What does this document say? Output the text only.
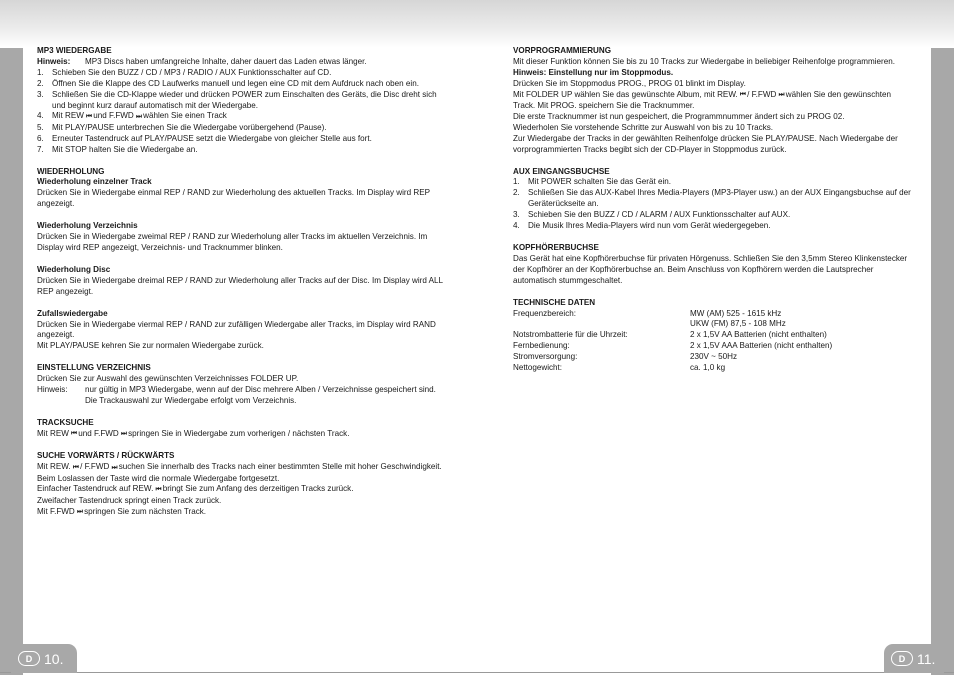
MP3 WIEDERGABE
Hinweis:	MP3 Discs haben umfangreiche Inhalte, daher dauert das Laden etwas länger.
1. Schieben Sie den BUZZ / CD / MP3 / RADIO / AUX Funktionsschalter auf CD.
2. Öffnen Sie die Klappe des CD Laufwerks manuell und legen eine CD mit dem Aufdruck nach oben ein.
3. Schließen Sie die CD-Klappe wieder und drücken POWER zum Einschalten des Geräts, die Disc dreht sich und beginnt kurz darauf automatisch mit der Wiedergabe.
4. Mit REW ⏮ und F.FWD ⏭ wählen Sie einen Track
5. Mit PLAY/PAUSE unterbrechen Sie die Wiedergabe vorübergehend (Pause).
6. Erneuter Tastendruck auf PLAY/PAUSE setzt die Wiedergabe von gleicher Stelle aus fort.
7. Mit STOP halten Sie die Wiedergabe an.
WIEDERHOLUNG
Wiederholung einzelner Track
Drücken Sie in Wiedergabe einmal REP / RAND zur Wiederholung des aktuellen Tracks. Im Display wird REP angezeigt.
Wiederholung Verzeichnis
Drücken Sie in Wiedergabe zweimal REP / RAND zur Wiederholung aller Tracks im aktuellen Verzeichnis. Im Display wird REP angezeigt, Verzeichnis- und Tracknummer blinken.
Wiederholung Disc
Drücken Sie in Wiedergabe dreimal REP / RAND zur Wiederholung aller Tracks auf der Disc. Im Display wird ALL REP angezeigt.
Zufallswiedergabe
Drücken Sie in Wiedergabe viermal REP / RAND zur zufälligen Wiedergabe aller Tracks, im Display wird RAND angezeigt.
Mit PLAY/PAUSE kehren Sie zur normalen Wiedergabe zurück.
EINSTELLUNG VERZEICHNIS
Drücken Sie zur Auswahl des gewünschten Verzeichnisses FOLDER UP.
Hinweis:	nur gültig in MP3 Wiedergabe, wenn auf der Disc mehrere Alben / Verzeichnisse gespeichert sind. Die Trackauswahl zur Wiedergabe erfolgt vom Verzeichnis.
TRACKSUCHE
Mit REW ⏮ und F.FWD ⏭ springen Sie in Wiedergabe zum vorherigen / nächsten Track.
SUCHE VORWÄRTS / RÜCKWÄRTS
Mit REW. ⏮ / F.FWD ⏭ suchen Sie innerhalb des Tracks nach einer bestimmten Stelle mit hoher Geschwindigkeit. Beim Loslassen der Taste wird die normale Wiedergabe fortgesetzt.
Einfacher Tastendruck auf REW. ⏮ bringt Sie zum Anfang des derzeitigen Tracks zurück.
Zweifacher Tastendruck springt einen Track zurück.
Mit F.FWD ⏭ springen Sie zum nächsten Track.
VORPROGRAMMIERUNG
Mit dieser Funktion können Sie bis zu 10 Tracks zur Wiedergabe in beliebiger Reihenfolge programmieren.
Hinweis: Einstellung nur im Stoppmodus.
Drücken Sie im Stoppmodus PROG., PROG 01 blinkt im Display.
Mit FOLDER UP wählen Sie das gewünschte Album, mit REW. ⏮ / F.FWD ⏭ wählen Sie den gewünschten Track. Mit PROG. speichern Sie die Tracknummer.
Die erste Tracknummer ist nun gespeichert, die Programmnummer ändert sich zu PROG 02.
Wiederholen Sie vorstehende Schritte zur Auswahl von bis zu 10 Tracks.
Zur Wiedergabe der Tracks in der gewählten Reihenfolge drücken Sie PLAY/PAUSE. Nach Wiedergabe der vorprogrammierten Tracks begibt sich der CD-Player in Stoppmodus zurück.
AUX EINGANGSBUCHSE
1. Mit POWER schalten Sie das Gerät ein.
2. Schließen Sie das AUX-Kabel Ihres Media-Players (MP3-Player usw.) an der AUX Eingangsbuchse auf der Geräterückseite an.
3. Schieben Sie den BUZZ / CD / ALARM / AUX Funktionsschalter auf AUX.
4. Die Musik Ihres Media-Players wird nun vom Gerät wiedergegeben.
KOPFHÖRERBUCHSE
Das Gerät hat eine Kopfhörerbuchse für privaten Hörgenuss. Schließen Sie den 3,5mm Stereo Klinkenstecker der Kopfhörer an der Kopfhörerbuchse an. Beim Anschluss von Kopfhörern werden die Lautsprecher automatisch stummgeschaltet.
TECHNISCHE DATEN
Frequenzbereich:	MW (AM) 525 - 1615 kHz
UKW (FM) 87,5 - 108 MHz
Notstrombatterie für die Uhrzeit:	2 x 1,5V AA Batterien (nicht enthalten)
Fernbedienung:	2 x 1,5V AAA Batterien (nicht enthalten)
Stromversorgung:	230V ~ 50Hz
Nettogewicht:	ca. 1,0 kg
D 10.	D 11.
